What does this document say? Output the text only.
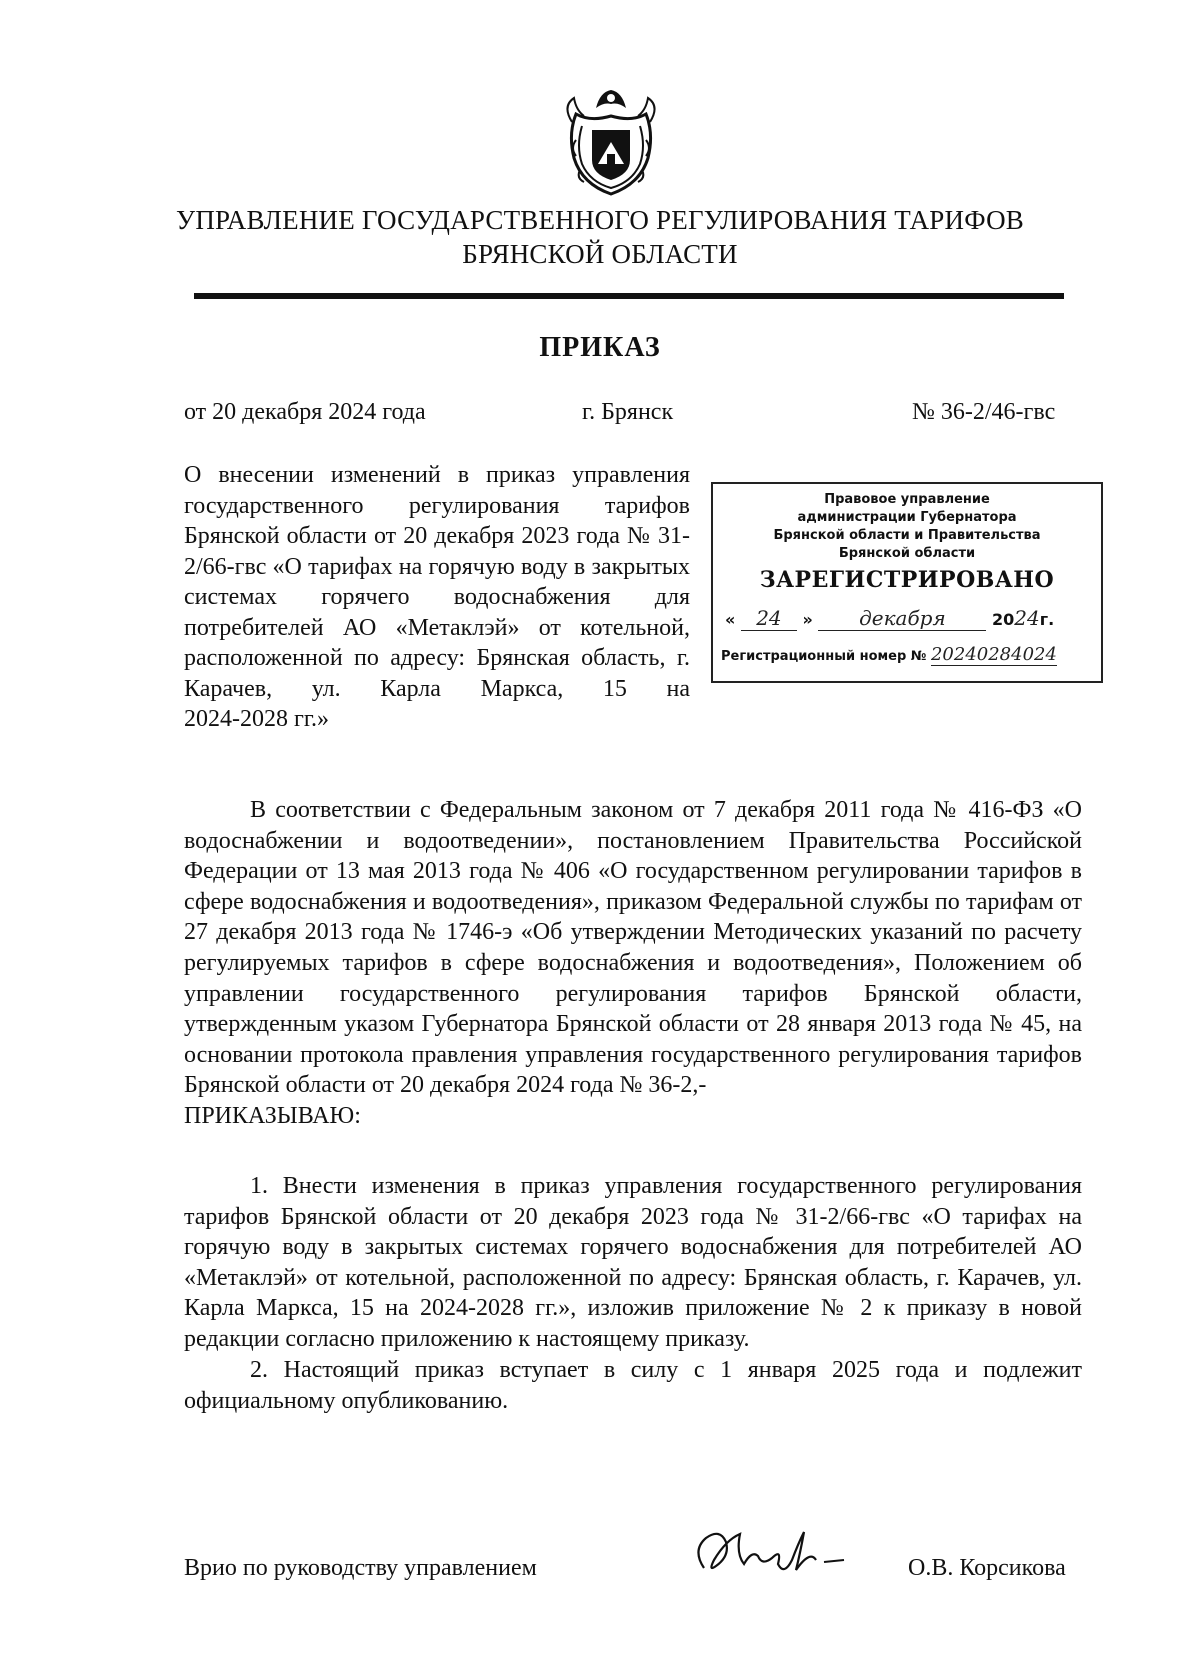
УПРАВЛЕНИЕ ГОСУДАРСТВЕННОГО РЕГУЛИРОВАНИЯ ТАРИФОВ
БРЯНСКОЙ ОБЛАСТИ
ПРИКАЗ
от 20 декабря 2024 года	г. Брянск	№ 36-2/46-гвс
О внесении изменений в приказ управления государственного регулирования тарифов Брянской области от 20 декабря 2023 года № 31-2/66-гвс «О тарифах на горячую воду в закрытых системах горячего водоснабжения для потребителей АО «Метаклэй» от котельной, расположенной по адресу: Брянская область, г. Карачев, ул. Карла Маркса, 15 на
2024-2028 гг.»
Правовое управление
администрации Губернатора
Брянской области и Правительства
Брянской области
ЗАРЕГИСТРИРОВАНО
« 24 » декабря	2024г.
Регистрационный номер № 20240284024
В соответствии с Федеральным законом от 7 декабря 2011 года № 416-ФЗ «О водоснабжении и водоотведении», постановлением Правительства Российской Федерации от 13 мая 2013 года № 406 «О государственном регулировании тарифов в сфере водоснабжения и водоотведения», приказом Федеральной службы по тарифам от 27 декабря 2013 года № 1746-э «Об утверждении Методических указаний по расчету регулируемых тарифов в сфере водоснабжения и водоотведения», Положением об управлении государственного регулирования тарифов Брянской области, утвержденным указом Губернатора Брянской области от 28 января 2013 года № 45, на основании протокола правления управления государственного регулирования тарифов Брянской области от 20 декабря 2024 года № 36-2,-
ПРИКАЗЫВАЮ:
1. Внести изменения в приказ управления государственного регулирования тарифов Брянской области от 20 декабря 2023 года № 31-2/66-гвс «О тарифах на горячую воду в закрытых системах горячего водоснабжения для потребителей АО «Метаклэй» от котельной, расположенной по адресу: Брянская область, г. Карачев, ул. Карла Маркса, 15 на 2024-2028 гг.», изложив приложение № 2 к приказу в новой редакции согласно приложению к настоящему приказу.
2. Настоящий приказ вступает в силу с 1 января 2025 года и подлежит официальному опубликованию.
Врио по руководству управлением	О.В. Корсикова
